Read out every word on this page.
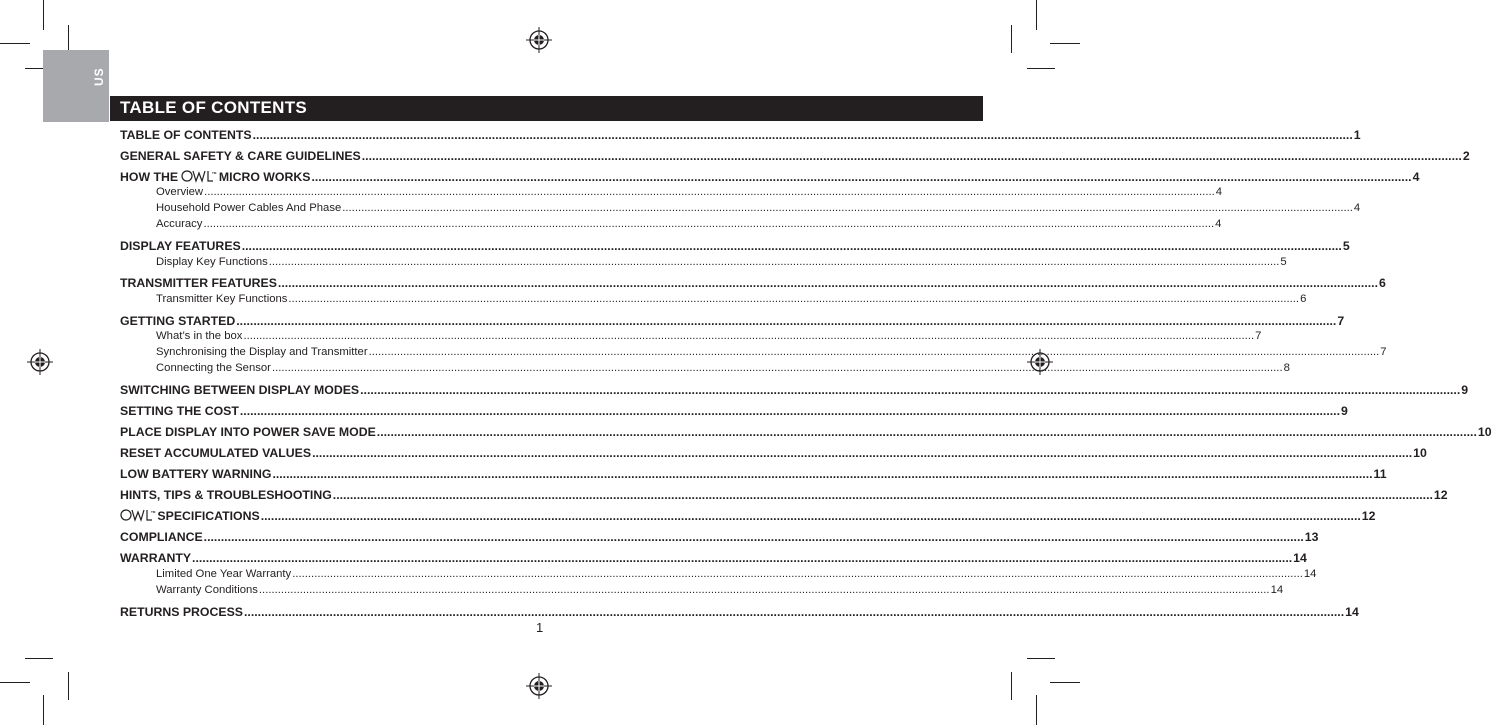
US
TABLE OF CONTENTS
TABLE OF CONTENTS .....	1
GENERAL SAFETY & CARE GUIDELINES .....	2
HOW THE	TM MICRO WORKS .....	4
Overview .....	4
Household Power Cables And Phase .....	4
Accuracy .....	4
DISPLAY FEATURES .....	5
Display Key Functions .....	5
TRANSMITTER FEATURES .....	6
Transmitter Key Functions .....	6
GETTING STARTED .....	7
What’s in the box .....	7
Synchronising the Display and Transmitter .....	7
Connecting the Sensor .....	8
SWITCHING BETWEEN DISPLAY MODES .....	9
SETTING THE COST .....	9
PLACE DISPLAY INTO POWER SAVE MODE .....	10
RESET ACCUMULATED VALUES .....	10
LOW BATTERY WARNING .....	11
HINTS, TIPS & TROUBLESHOOTING .....	12
TM SPECIFICATIONS .....	12
COMPLIANCE .....	13
WARRANTY .....	14
Limited One Year Warranty .....	14
Warranty Conditions .....	14
RETURNS PROCESS .....	14
1
